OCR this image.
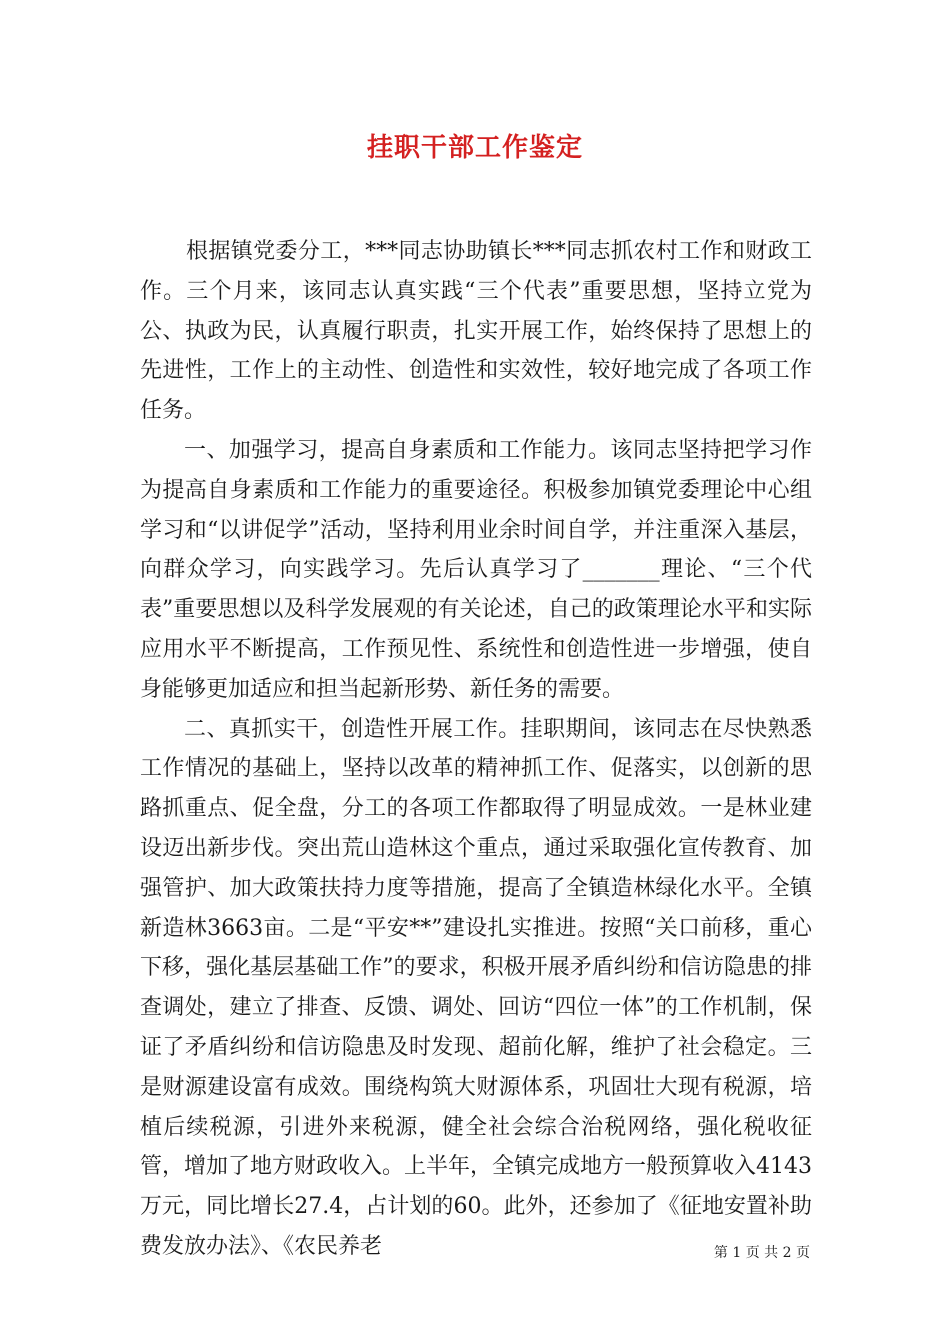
挂职干部工作鉴定

根据镇党委分工，***同志协助镇长***同志抓农村工作和财政工作。三个月来，该同志认真实践“三个代表”重要思想，坚持立党为公、执政为民，认真履行职责，扎实开展工作，始终保持了思想上的先进性，工作上的主动性、创造性和实效性，较好地完成了各项工作任务。

一、加强学习，提高自身素质和工作能力。该同志坚持把学习作为提高自身素质和工作能力的重要途径。积极参加镇党委理论中心组学习和“以讲促学”活动，坚持利用业余时间自学，并注重深入基层，向群众学习，向实践学习。先后认真学习了_______理论、“三个代表”重要思想以及科学发展观的有关论述，自己的政策理论水平和实际应用水平不断提高，工作预见性、系统性和创造性进一步增强，使自身能够更加适应和担当起新形势、新任务的需要。

二、真抓实干，创造性开展工作。挂职期间，该同志在尽快熟悉工作情况的基础上，坚持以改革的精神抓工作、促落实，以创新的思路抓重点、促全盘，分工的各项工作都取得了明显成效。一是林业建设迈出新步伐。突出荒山造林这个重点，通过采取强化宣传教育、加强管护、加大政策扶持力度等措施，提高了全镇造林绿化水平。全镇新造林3663亩。二是“平安**”建设扎实推进。按照“关口前移，重心下移，强化基层基础工作”的要求，积极开展矛盾纠纷和信访隐患的排查调处，建立了排查、反馈、调处、回访“四位一体”的工作机制，保证了矛盾纠纷和信访隐患及时发现、超前化解，维护了社会稳定。三是财源建设富有成效。围绕构筑大财源体系，巩固壮大现有税源，培植后续税源，引进外来税源，健全社会综合治税网络，强化税收征管，增加了地方财政收入。上半年，全镇完成地方一般预算收入4143万元，同比增长27.4，占计划的60。此外，还参加了《征地安置补助费发放办法》、《农民养老	第 1 页 共 2 页
